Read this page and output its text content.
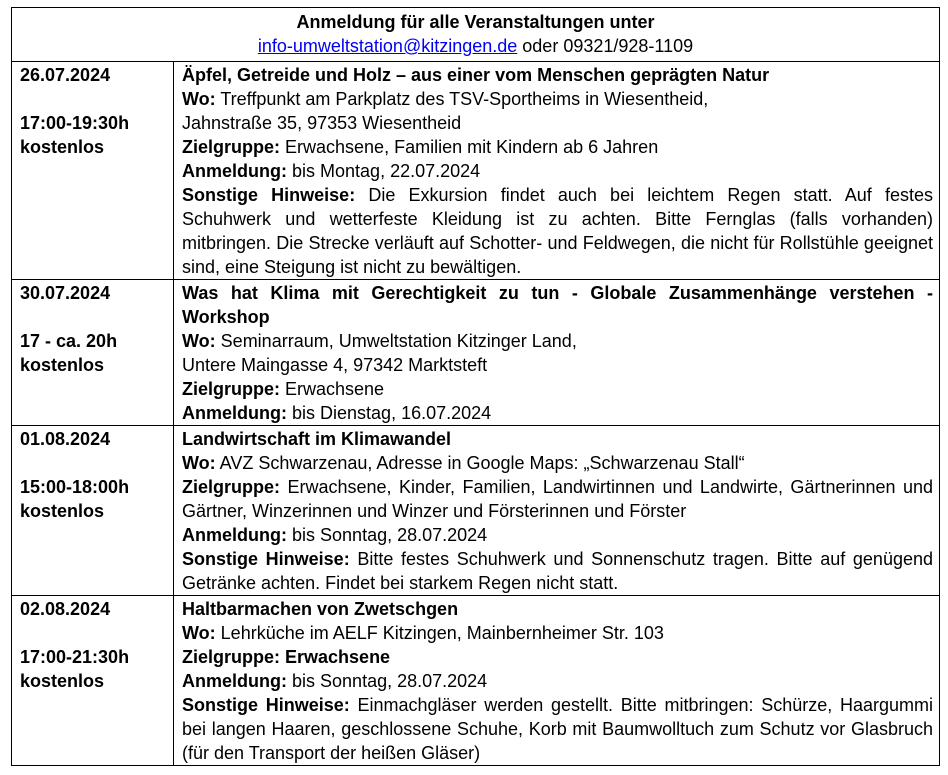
Anmeldung für alle Veranstaltungen unter
info-umweltstation@kitzingen.de oder 09321/928-1109
26.07.2024
17:00-19:30h
kostenlos
Äpfel, Getreide und Holz – aus einer vom Menschen geprägten Natur
Wo: Treffpunkt am Parkplatz des TSV-Sportheims in Wiesentheid,
Jahnstraße 35, 97353 Wiesentheid
Zielgruppe: Erwachsene, Familien mit Kindern ab 6 Jahren
Anmeldung: bis Montag, 22.07.2024
Sonstige Hinweise: Die Exkursion findet auch bei leichtem Regen statt. Auf festes Schuhwerk und wetterfeste Kleidung ist zu achten. Bitte Fernglas (falls vorhanden) mitbringen. Die Strecke verläuft auf Schotter- und Feldwegen, die nicht für Rollstühle geeignet sind, eine Steigung ist nicht zu bewältigen.
30.07.2024
17 - ca. 20h
kostenlos
Was hat Klima mit Gerechtigkeit zu tun - Globale Zusammenhänge verstehen - Workshop
Wo: Seminarraum, Umweltstation Kitzinger Land,
Untere Maingasse 4, 97342 Marktsteft
Zielgruppe: Erwachsene
Anmeldung: bis Dienstag, 16.07.2024
01.08.2024
15:00-18:00h
kostenlos
Landwirtschaft im Klimawandel
Wo: AVZ Schwarzenau, Adresse in Google Maps: „Schwarzenau Stall“
Zielgruppe: Erwachsene, Kinder, Familien, Landwirtinnen und Landwirte, Gärtnerinnen und Gärtner, Winzerinnen und Winzer und Försterinnen und Förster
Anmeldung: bis Sonntag, 28.07.2024
Sonstige Hinweise: Bitte festes Schuhwerk und Sonnenschutz tragen. Bitte auf genügend Getränke achten. Findet bei starkem Regen nicht statt.
02.08.2024
17:00-21:30h
kostenlos
Haltbarmachen von Zwetschgen
Wo: Lehrküche im AELF Kitzingen, Mainbernheimer Str. 103
Zielgruppe: Erwachsene
Anmeldung: bis Sonntag, 28.07.2024
Sonstige Hinweise: Einmachgläser werden gestellt. Bitte mitbringen: Schürze, Haargummi bei langen Haaren, geschlossene Schuhe, Korb mit Baumwolltuch zum Schutz vor Glasbruch (für den Transport der heißen Gläser)
